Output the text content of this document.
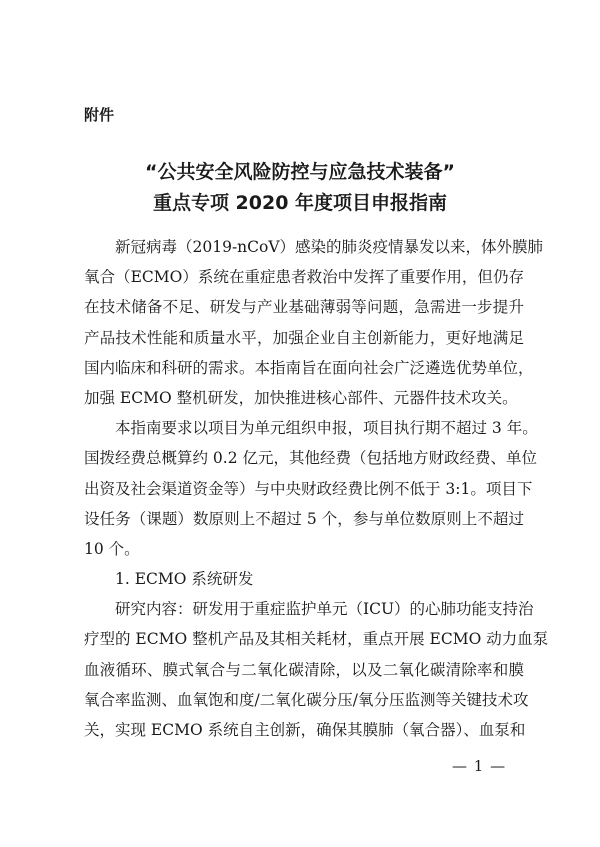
附件
“公共安全风险防控与应急技术装备”
重点专项 2020 年度项目申报指南
　　新冠病毒（2019-nCoV）感染的肺炎疫情暴发以来，体外膜肺
氧合（ECMO）系统在重症患者救治中发挥了重要作用，但仍存
在技术储备不足、研发与产业基础薄弱等问题，急需进一步提升
产品技术性能和质量水平，加强企业自主创新能力，更好地满足
国内临床和科研的需求。本指南旨在面向社会广泛遴选优势单位，
加强 ECMO 整机研发，加快推进核心部件、元器件技术攻关。
　　本指南要求以项目为单元组织申报，项目执行期不超过 3 年。
国拨经费总概算约 0.2 亿元，其他经费（包括地方财政经费、单位
出资及社会渠道资金等）与中央财政经费比例不低于 3:1。项目下
设任务（课题）数原则上不超过 5 个，参与单位数原则上不超过
10 个。
　　1. ECMO 系统研发
　　研究内容：研发用于重症监护单元（ICU）的心肺功能支持治
疗型的 ECMO 整机产品及其相关耗材，重点开展 ECMO 动力血泵
血液循环、膜式氧合与二氧化碳清除，以及二氧化碳清除率和膜
氧合率监测、血氧饱和度/二氧化碳分压/氧分压监测等关键技术攻
关，实现 ECMO 系统自主创新，确保其膜肺（氧合器）、血泵和
— 1 —
